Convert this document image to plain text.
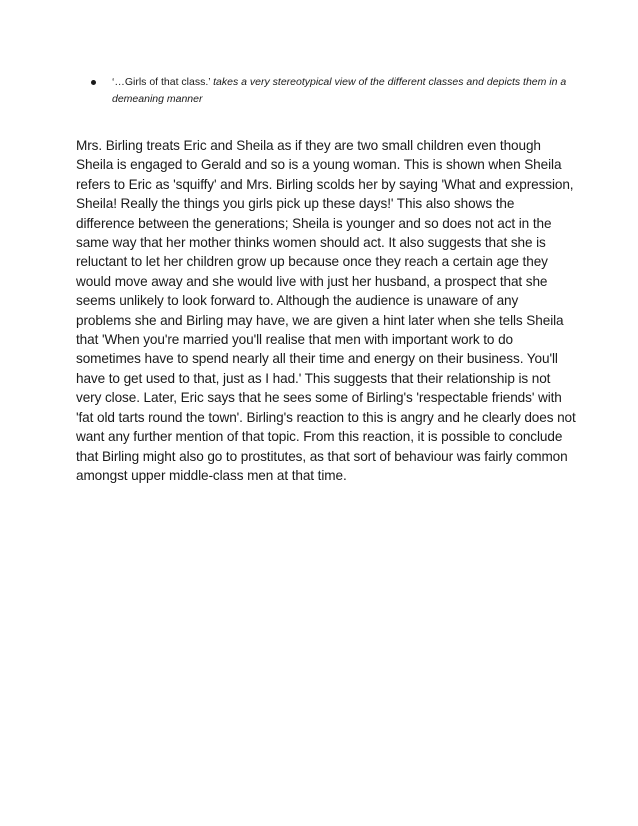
‘…Girls of that class.’ takes a very stereotypical view of the different classes and depicts them in a demeaning manner

Mrs. Birling treats Eric and Sheila as if they are two small children even though Sheila is engaged to Gerald and so is a young woman. This is shown when Sheila refers to Eric as 'squiffy' and Mrs. Birling scolds her by saying 'What and expression, Sheila! Really the things you girls pick up these days!' This also shows the difference between the generations; Sheila is younger and so does not act in the same way that her mother thinks women should act. It also suggests that she is reluctant to let her children grow up because once they reach a certain age they would move away and she would live with just her husband, a prospect that she seems unlikely to look forward to. Although the audience is unaware of any problems she and Birling may have, we are given a hint later when she tells Sheila that 'When you're married you'll realise that men with important work to do sometimes have to spend nearly all their time and energy on their business. You'll have to get used to that, just as I had.' This suggests that their relationship is not very close. Later, Eric says that he sees some of Birling's 'respectable friends' with 'fat old tarts round the town'. Birling's reaction to this is angry and he clearly does not want any further mention of that topic. From this reaction, it is possible to conclude that Birling might also go to prostitutes, as that sort of behaviour was fairly common amongst upper middle-class men at that time.
